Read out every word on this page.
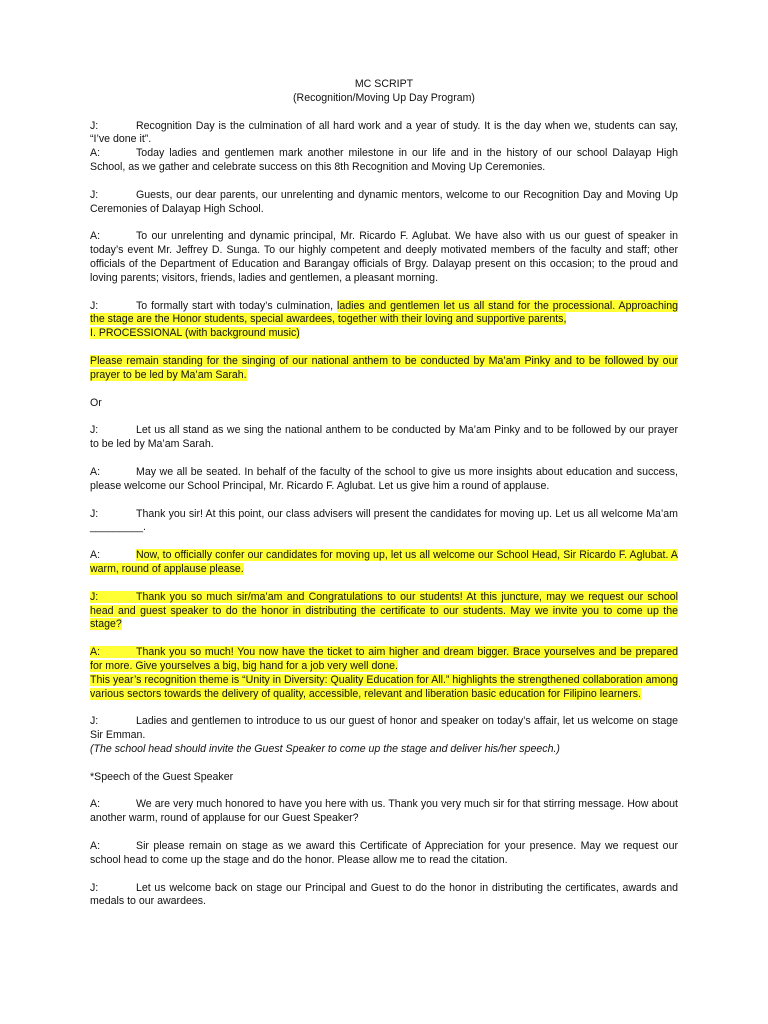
MC SCRIPT
(Recognition/Moving Up Day Program)

J:	Recognition Day is the culmination of all hard work and a year of study. It is the day when we, students can say, “I’ve done it”.

A:	Today ladies and gentlemen mark another milestone in our life and in the history of our school Dalayap High School, as we gather and celebrate success on this 8th Recognition and Moving Up Ceremonies.

J:	Guests, our dear parents, our unrelenting and dynamic mentors, welcome to our Recognition Day and Moving Up Ceremonies of Dalayap High School.

A:	To our unrelenting and dynamic principal, Mr. Ricardo F. Aglubat. We have also with us our guest of speaker in today’s event Mr. Jeffrey D. Sunga. To our highly competent and deeply motivated members of the faculty and staff; other officials of the Department of Education and Barangay officials of Brgy. Dalayap present on this occasion; to the proud and loving parents; visitors, friends, ladies and gentlemen, a pleasant morning.

J:	To formally start with today’s culmination, ladies and gentlemen let us all stand for the processional. Approaching the stage are the Honor students, special awardees, together with their loving and supportive parents,
I. PROCESSIONAL (with background music)

Please remain standing for the singing of our national anthem to be conducted by Ma’am Pinky and to be followed by our prayer to be led by Ma’am Sarah.

Or

J:	Let us all stand as we sing the national anthem to be conducted by Ma’am Pinky and to be followed by our prayer to be led by Ma’am Sarah.

A:	May we all be seated. In behalf of the faculty of the school to give us more insights about education and success, please welcome our School Principal, Mr. Ricardo F. Aglubat. Let us give him a round of applause.

J:	Thank you sir! At this point, our class advisers will present the candidates for moving up. Let us all welcome Ma’am _________.

A:	Now, to officially confer our candidates for moving up, let us all welcome our School Head, Sir Ricardo F. Aglubat. A warm, round of applause please.

J:	Thank you so much sir/ma’am and Congratulations to our students! At this juncture, may we request our school head and guest speaker to do the honor in distributing the certificate to our students. May we invite you to come up the stage?

A:	Thank you so much! You now have the ticket to aim higher and dream bigger. Brace yourselves and be prepared for more. Give yourselves a big, big hand for a job very well done.
This year’s recognition theme is “Unity in Diversity: Quality Education for All.” highlights the strengthened collaboration among various sectors towards the delivery of quality, accessible, relevant and liberation basic education for Filipino learners.

J:	Ladies and gentlemen to introduce to us our guest of honor and speaker on today’s affair, let us welcome on stage Sir Emman.
(The school head should invite the Guest Speaker to come up the stage and deliver his/her speech.)

*Speech of the Guest Speaker

A:	We are very much honored to have you here with us. Thank you very much sir for that stirring message. How about another warm, round of applause for our Guest Speaker?

A:	Sir please remain on stage as we award this Certificate of Appreciation for your presence. May we request our school head to come up the stage and do the honor. Please allow me to read the citation.

J:	Let us welcome back on stage our Principal and Guest to do the honor in distributing the certificates, awards and medals to our awardees.
